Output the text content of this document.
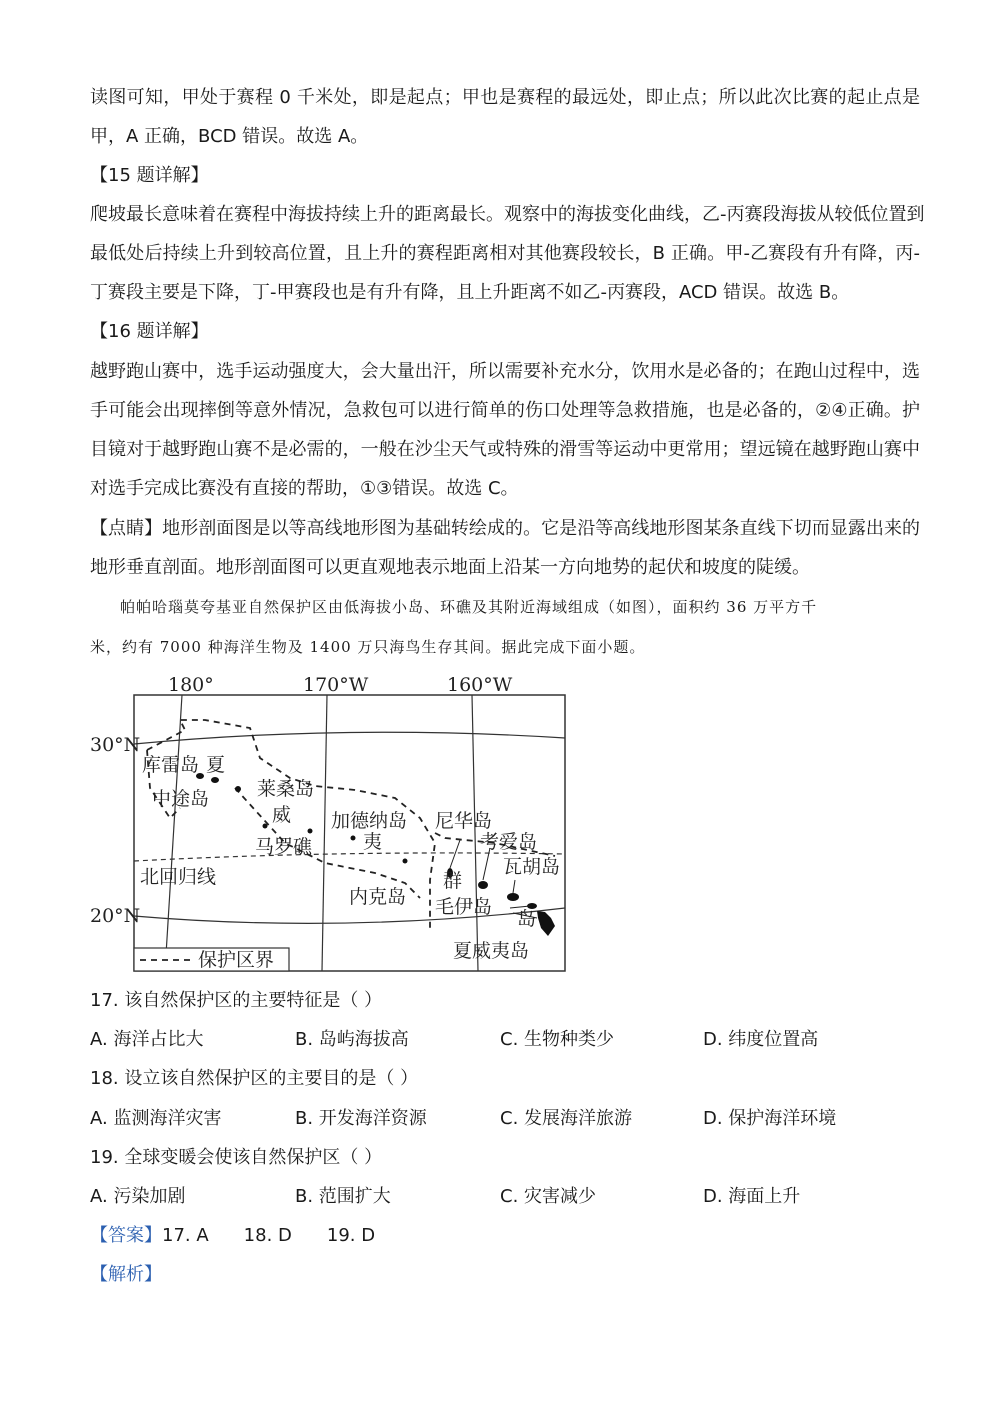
读图可知，甲处于赛程 0 千米处，即是起点；甲也是赛程的最远处，即止点；所以此次比赛的起止点是
甲，A 正确，BCD 错误。故选 A。
【15 题详解】
爬坡最长意味着在赛程中海拔持续上升的距离最长。观察中的海拔变化曲线，乙-丙赛段海拔从较低位置到
最低处后持续上升到较高位置，且上升的赛程距离相对其他赛段较长，B 正确。甲-乙赛段有升有降，丙-
丁赛段主要是下降，丁-甲赛段也是有升有降，且上升距离不如乙-丙赛段，ACD 错误。故选 B。
【16 题详解】
越野跑山赛中，选手运动强度大，会大量出汗，所以需要补充水分，饮用水是必备的；在跑山过程中，选
手可能会出现摔倒等意外情况，急救包可以进行简单的伤口处理等急救措施，也是必备的，②④正确。护
目镜对于越野跑山赛不是必需的，一般在沙尘天气或特殊的滑雪等运动中更常用；望远镜在越野跑山赛中
对选手完成比赛没有直接的帮助，①③错误。故选 C。
【点睛】地形剖面图是以等高线地形图为基础转绘成的。它是沿等高线地形图某条直线下切而显露出来的
地形垂直剖面。地形剖面图可以更直观地表示地面上沿某一方向地势的起伏和坡度的陡缓。
帕帕哈瑙莫夸基亚自然保护区由低海拔小岛、环礁及其附近海域组成（如图），面积约 36 万平方千
米，约有 7000 种海洋生物及 1400 万只海鸟生存其间。据此完成下面小题。
180°	170°W	160°W
30°N
20°N
库雷岛 夏
中途岛	莱桑岛
威
马罗礁
加德纳岛
夷
尼华岛
考爱岛
瓦胡岛
群
毛伊岛
岛
内克岛
北回归线
夏威夷岛
保护区界
17. 该自然保护区的主要特征是（ ）
A. 海洋占比大	B. 岛屿海拔高	C. 生物种类少	D. 纬度位置高
18. 设立该自然保护区的主要目的是（ ）
A. 监测海洋灾害	B. 开发海洋资源	C. 发展海洋旅游	D. 保护海洋环境
19. 全球变暖会使该自然保护区（ ）
A. 污染加剧	B. 范围扩大	C. 灾害减少	D. 海面上升
【答案】17. A 18. D 19. D
【解析】
